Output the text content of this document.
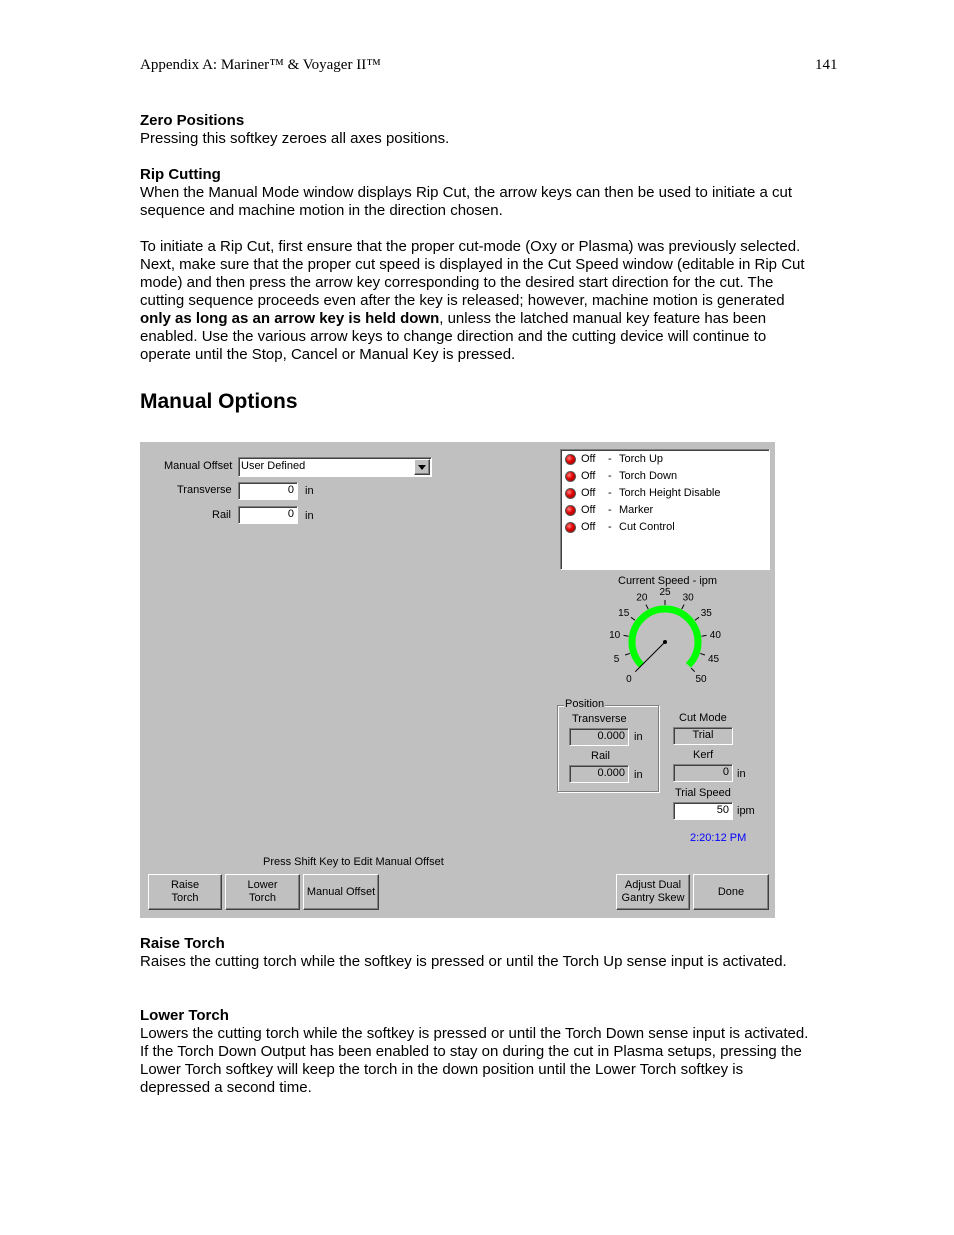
Appendix A: Mariner™ & Voyager II™	141
Zero Positions
Pressing this softkey zeroes all axes positions.
Rip Cutting
When the Manual Mode window displays Rip Cut, the arrow keys can then be used to initiate a cut sequence and machine motion in the direction chosen.
To initiate a Rip Cut, first ensure that the proper cut-mode (Oxy or Plasma) was previously selected. Next, make sure that the proper cut speed is displayed in the Cut Speed window (editable in Rip Cut mode) and then press the arrow key corresponding to the desired start direction for the cut. The cutting sequence proceeds even after the key is released; however, machine motion is generated only as long as an arrow key is held down, unless the latched manual key feature has been enabled. Use the various arrow keys to change direction and the cutting device will continue to operate until the Stop, Cancel or Manual Key is pressed.
Manual Options
Manual Offset User Defined
Transverse	0 in
Rail	0 in
Off - Torch Up
Off - Torch Down
Off - Torch Height Disable
Off - Marker
Off - Cut Control
Current Speed - ipm
0
5
10
15
20
25
30
35
40
45
50
Position
Transverse
0.000 in
Rail
0.000 in
Cut Mode
Trial
Kerf
0 in
Trial Speed
50 ipm
2:20:12 PM
Press Shift Key to Edit Manual Offset
Raise
Torch
Lower
Torch
Manual Offset
Adjust Dual
Gantry Skew
Done
Raise Torch
Raises the cutting torch while the softkey is pressed or until the Torch Up sense input is activated.
Lower Torch
Lowers the cutting torch while the softkey is pressed or until the Torch Down sense input is activated. If the Torch Down Output has been enabled to stay on during the cut in Plasma setups, pressing the Lower Torch softkey will keep the torch in the down position until the Lower Torch softkey is depressed a second time.
